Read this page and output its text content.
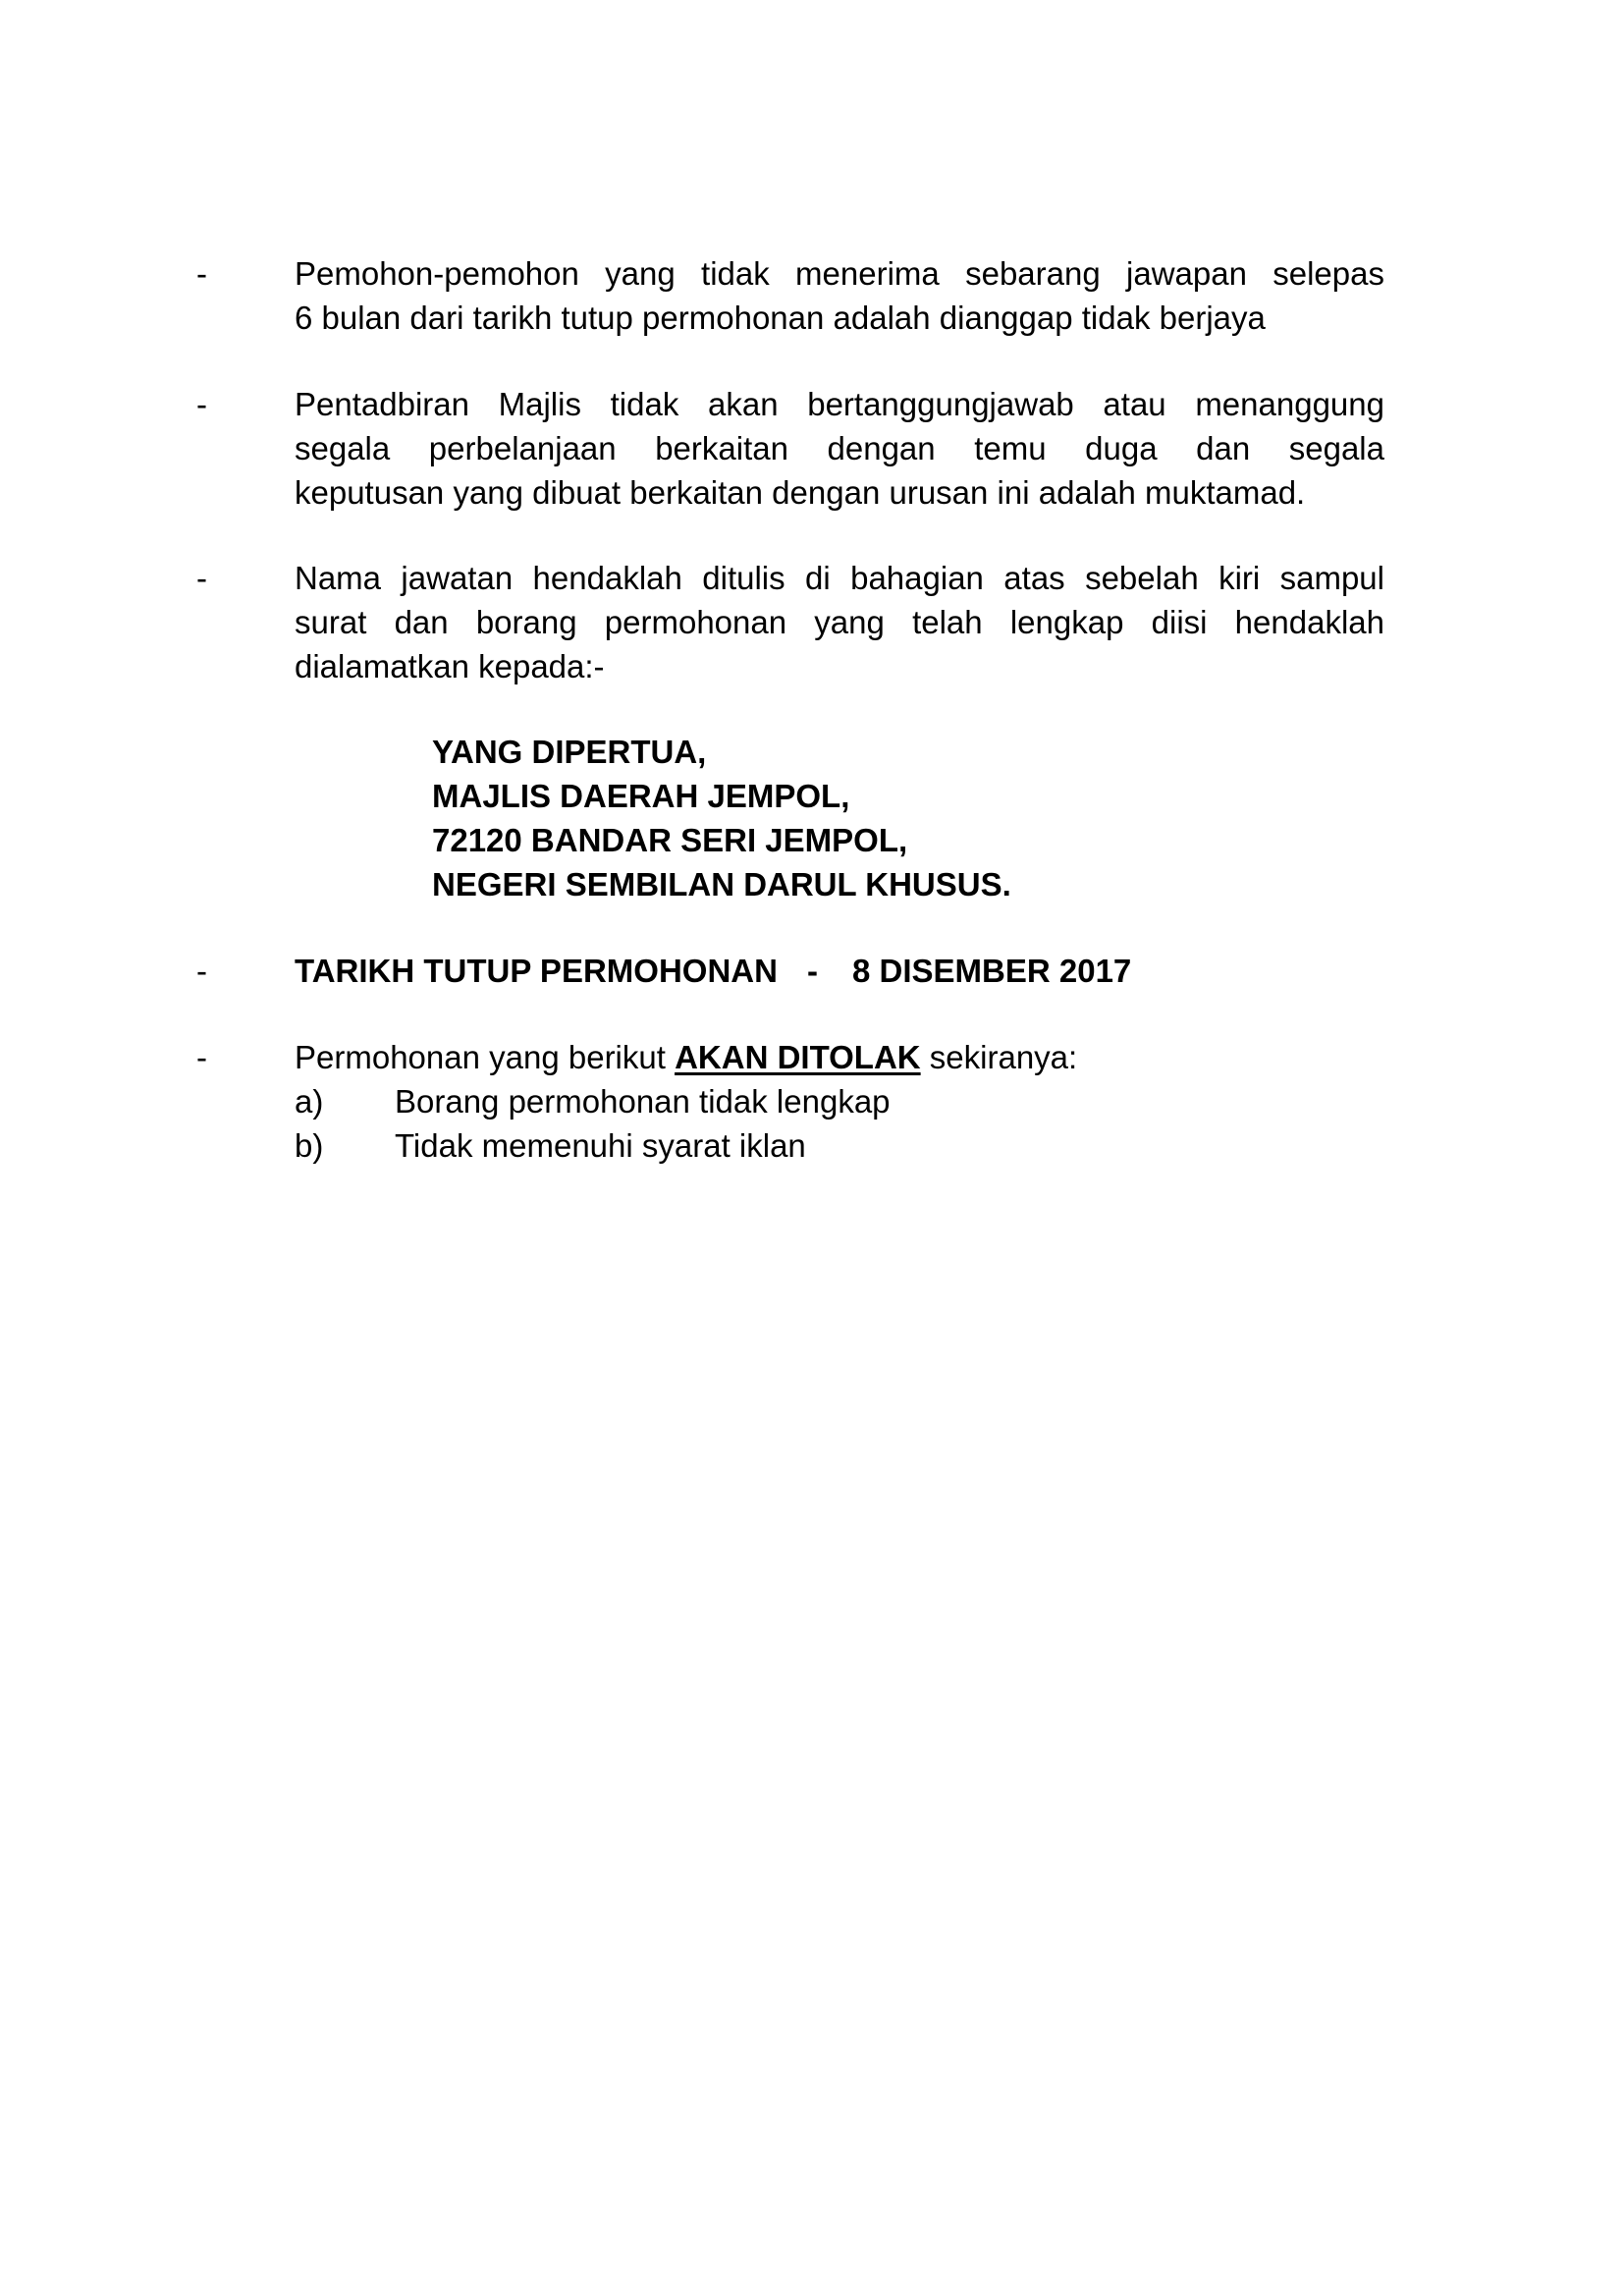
-	Pemohon-pemohon yang tidak menerima sebarang jawapan selepas
6 bulan dari tarikh tutup permohonan adalah dianggap tidak berjaya
-	Pentadbiran Majlis tidak akan bertanggungjawab atau menanggung
segala perbelanjaan berkaitan dengan temu duga dan segala
keputusan yang dibuat berkaitan dengan urusan ini adalah muktamad.
-	Nama jawatan hendaklah ditulis di bahagian atas sebelah kiri sampul
surat dan borang permohonan yang telah lengkap diisi hendaklah
dialamatkan kepada:-
YANG DIPERTUA,
MAJLIS DAERAH JEMPOL,
72120 BANDAR SERI JEMPOL,
NEGERI SEMBILAN DARUL KHUSUS.
-	TARIKH TUTUP PERMOHONAN - 8 DISEMBER 2017
-	Permohonan yang berikut AKAN DITOLAK sekiranya:
a) Borang permohonan tidak lengkap
b) Tidak memenuhi syarat iklan
